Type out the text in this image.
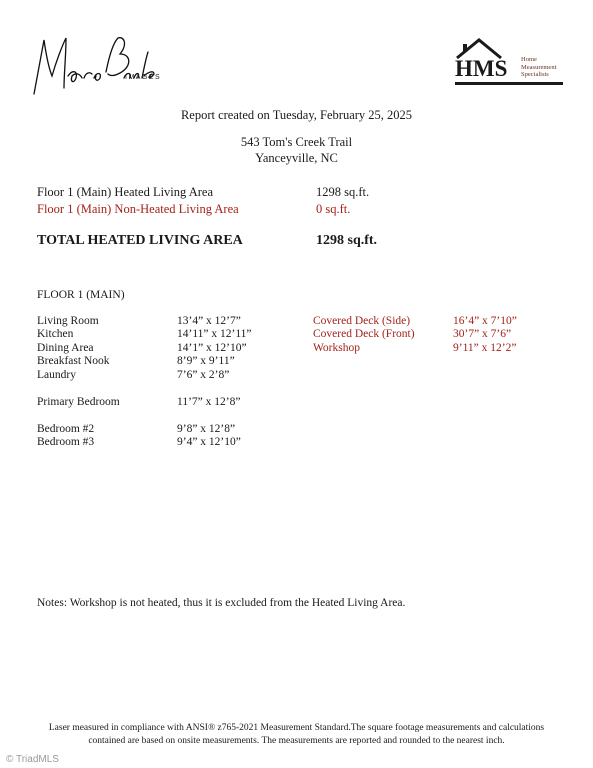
IMAGES	HMS Home Measurement Specialists
Report created on Tuesday, February 25, 2025
543 Tom's Creek Trail
Yanceyville, NC
Floor 1 (Main) Heated Living Area	1298 sq.ft.
Floor 1 (Main) Non-Heated Living Area	0 sq.ft.
TOTAL HEATED LIVING AREA	1298 sq.ft.
FLOOR 1 (MAIN)
Living Room	13’4” x 12’7”
Kitchen	14’11” x 12’11”
Dining Area	14’1” x 12’10”
Breakfast Nook	8’9” x 9’11”
Laundry	7’6” x 2’8”
Primary Bedroom	11’7” x 12’8”
Bedroom #2	9’8” x 12’8”
Bedroom #3	9’4” x 12’10”
Covered Deck (Side)	16’4” x 7’10”
Covered Deck (Front)	30’7” x 7’6”
Workshop	9’11” x 12’2”
Notes: Workshop is not heated, thus it is excluded from the Heated Living Area.
Laser measured in compliance with ANSI® z765-2021 Measurement Standard.The square footage measurements and calculations
contained are based on onsite measurements. The measurements are reported and rounded to the nearest inch.
© TriadMLS
